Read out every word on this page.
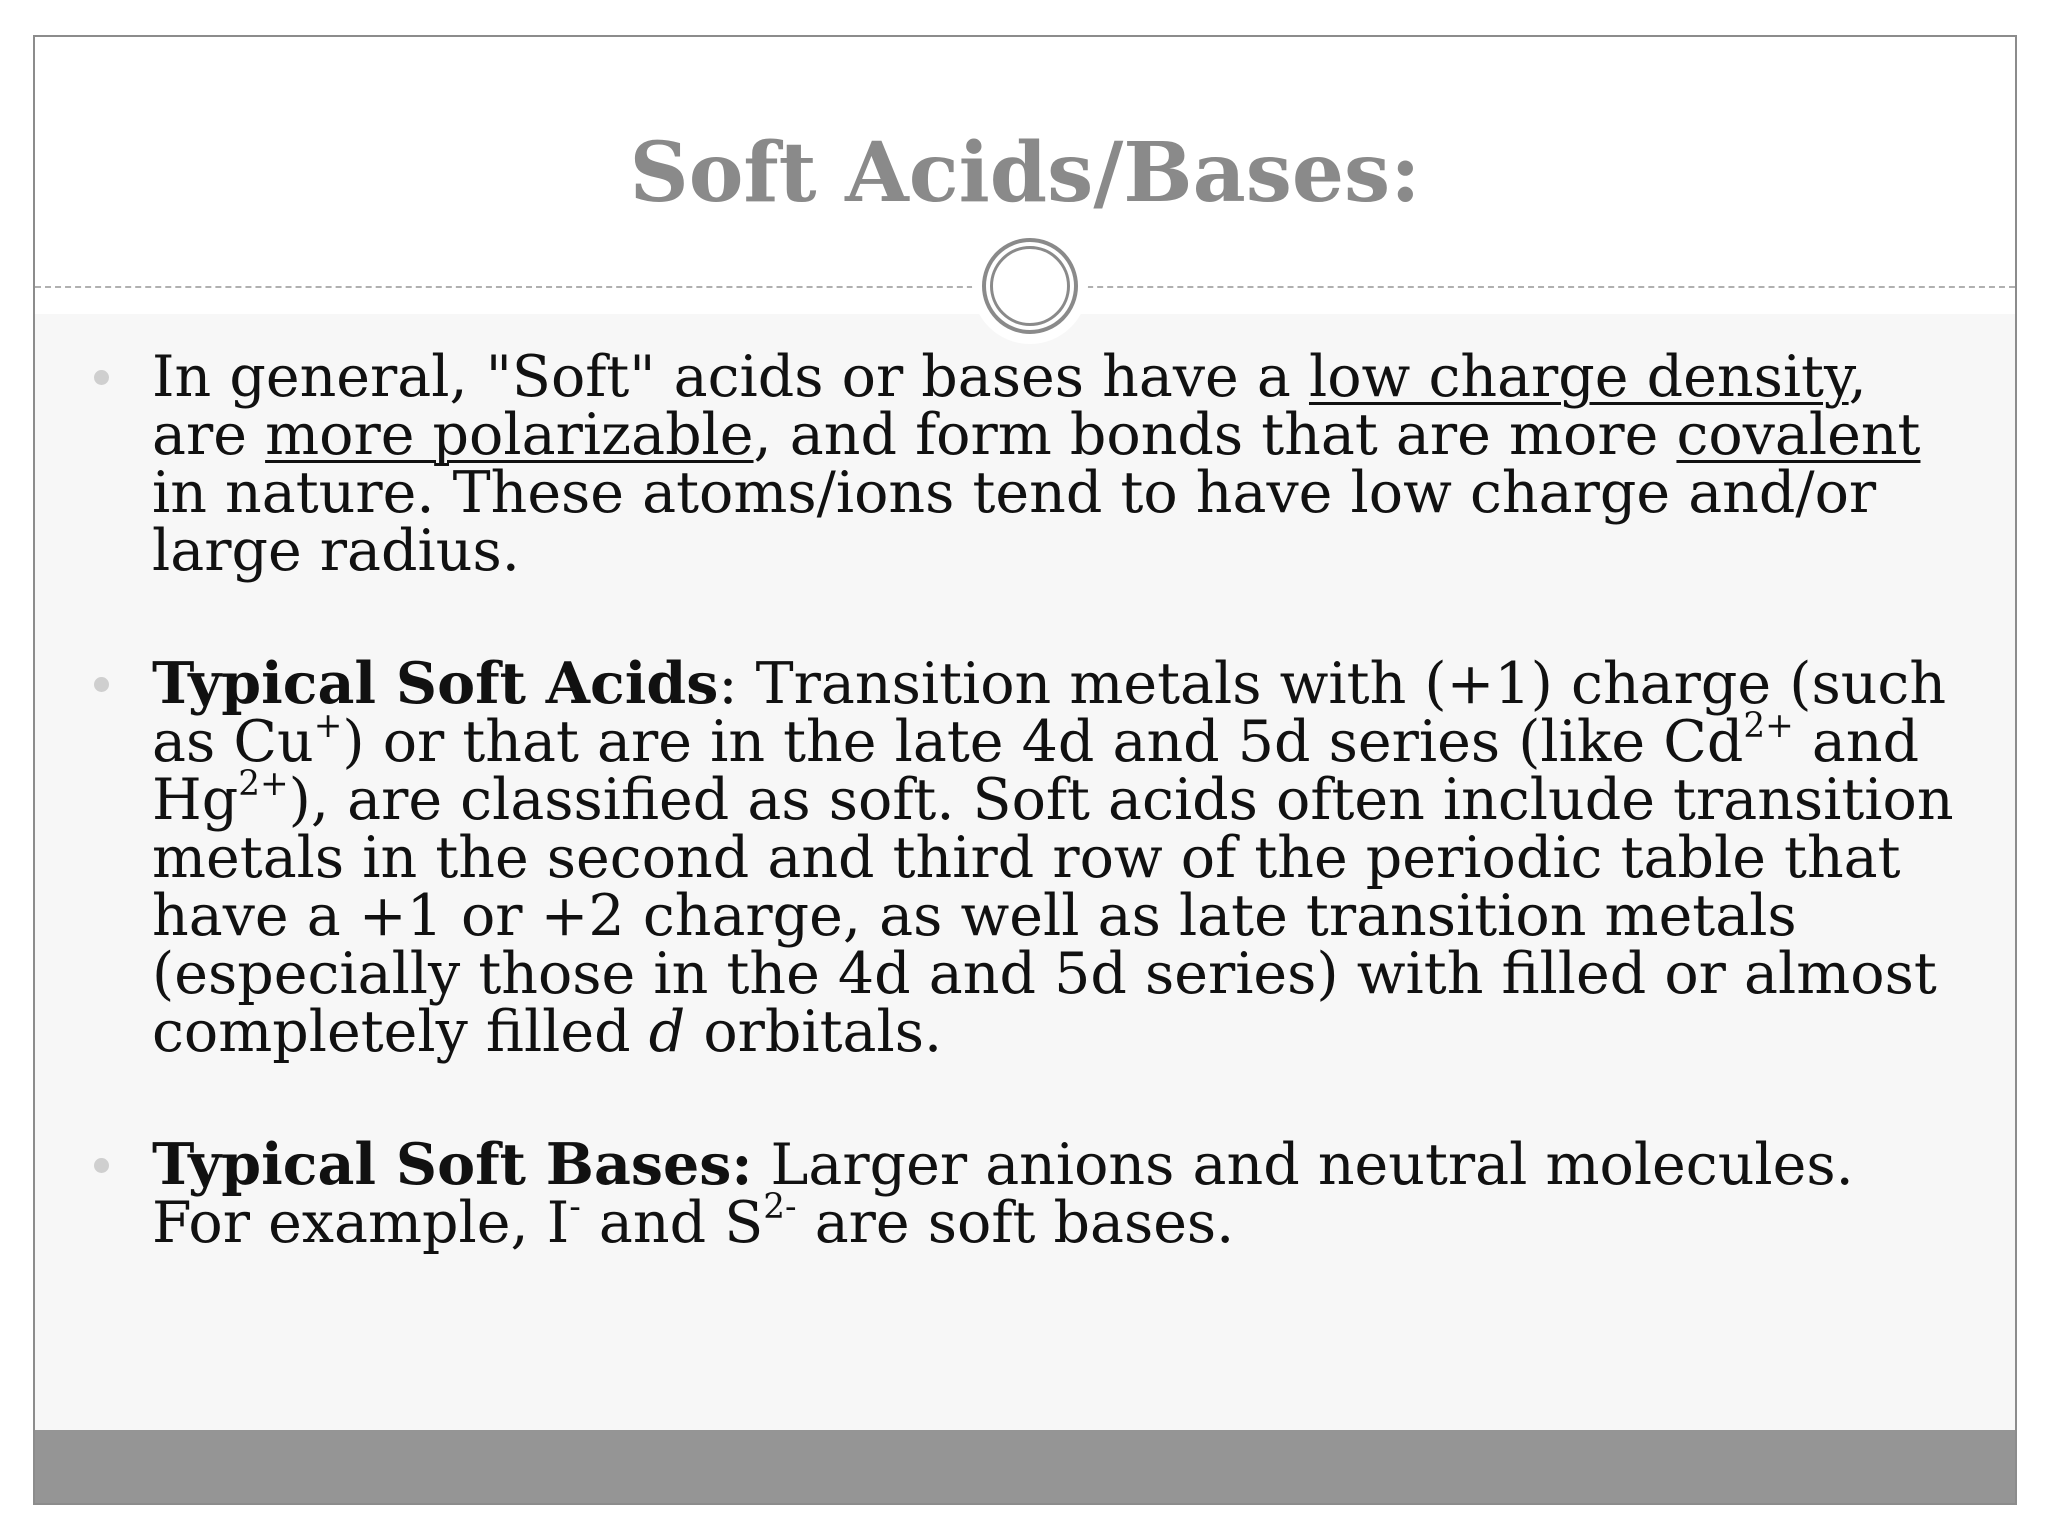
Soft Acids/Bases:
In general, "Soft" acids or bases have a low charge density, are more polarizable, and form bonds that are more covalent in nature. These atoms/ions tend to have low charge and/or large radius.
Typical Soft Acids: Transition metals with (+1) charge (such as Cu+) or that are in the late 4d and 5d series (like $Cd^{2+}$ and $Hg^{2+}$), are classified as soft. Soft acids often include transition metals in the second and third row of the periodic table that have a +1 or +2 charge, as well as late transition metals (especially those in the 4d and 5d series) with filled or almost completely filled d orbitals.
Typical Soft Bases: Larger anions and neutral molecules. For example, I- and $S^{2-}$ are soft bases.
